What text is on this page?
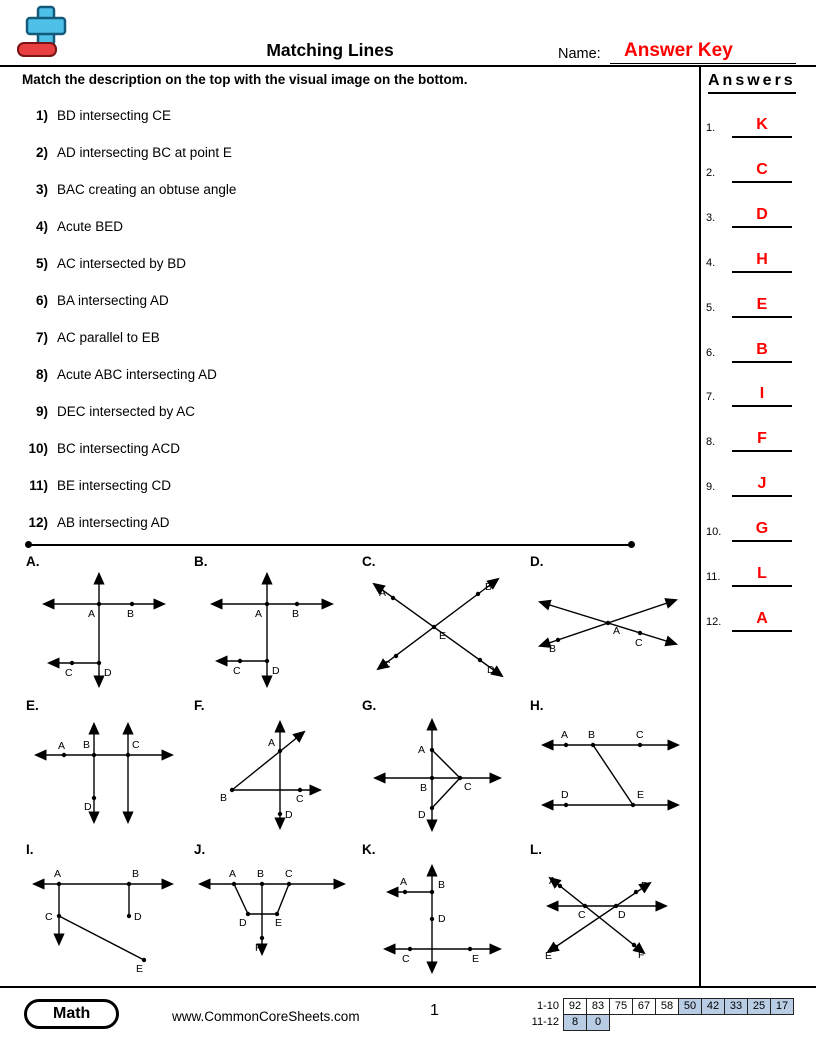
Matching Lines	Name: Answer Key
Match the description on the top with the visual image on the bottom.
1) BD intersecting CE
2) AD intersecting BC at point E
3) BAC creating an obtuse angle
4) Acute BED
5) AC intersected by BD
6) BA intersecting AD
7) AC parallel to EB
8) Acute ABC intersecting AD
9) DEC intersected by AC
10) BC intersecting ACD
11) BE intersecting CD
12) AB intersecting AD
Answers
1.	K
2.	C
3.	D
4.	H
5.	E
6.	B
7.	I
8.	F
9.	J
10.	G
11.	L
12.	A
A.
A	B
C	D
B.
A	B
C	D
C.
A	B
C	D
E
D.
A
B	C
E.
A B	C
D
F.
A
B	C
D
G.
A
B	C
D
H.
A B	C
D	E
I.
A	B
C	D
E
J.
A B C
D	E
F
K.
A	B
D
C	E
L.
A	B
C	D
E	F
Math	www.CommonCoreSheets.com	1	1-10 92 83 75 67 58 50 42 33 25 17
11-12	8	0
